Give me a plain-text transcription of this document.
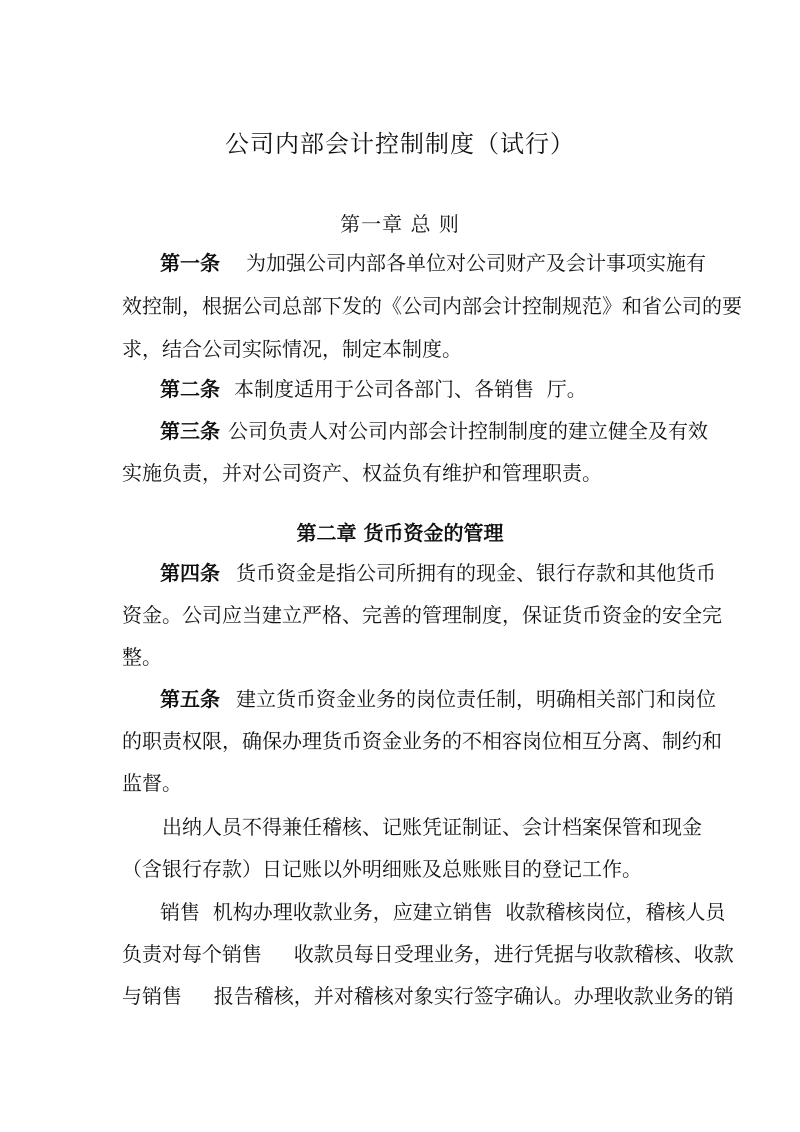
公司内部会计控制制度（试行）
第一章 总 则
第一条 为加强公司内部各单位对公司财产及会计事项实施有
效控制，根据公司总部下发的《公司内部会计控制规范》和省公司的要
求，结合公司实际情况，制定本制度。
第二条 本制度适用于公司各部门、各销售  厅。
第三条 公司负责人对公司内部会计控制制度的建立健全及有效
实施负责，并对公司资产、权益负有维护和管理职责。
第二章 货币资金的管理
第四条 货币资金是指公司所拥有的现金、银行存款和其他货币
资金。公司应当建立严格、完善的管理制度，保证货币资金的安全完
整。
第五条 建立货币资金业务的岗位责任制，明确相关部门和岗位
的职责权限，确保办理货币资金业务的不相容岗位相互分离、制约和
监督。
出纳人员不得兼任稽核、记账凭证制证、会计档案保管和现金
（含银行存款）日记账以外明细账及总账账目的登记工作。
销售  机构办理收款业务，应建立销售  收款稽核岗位，稽核人员
负责对每个销售     收款员每日受理业务，进行凭据与收款稽核、收款
与销售     报告稽核，并对稽核对象实行签字确认。办理收款业务的销
